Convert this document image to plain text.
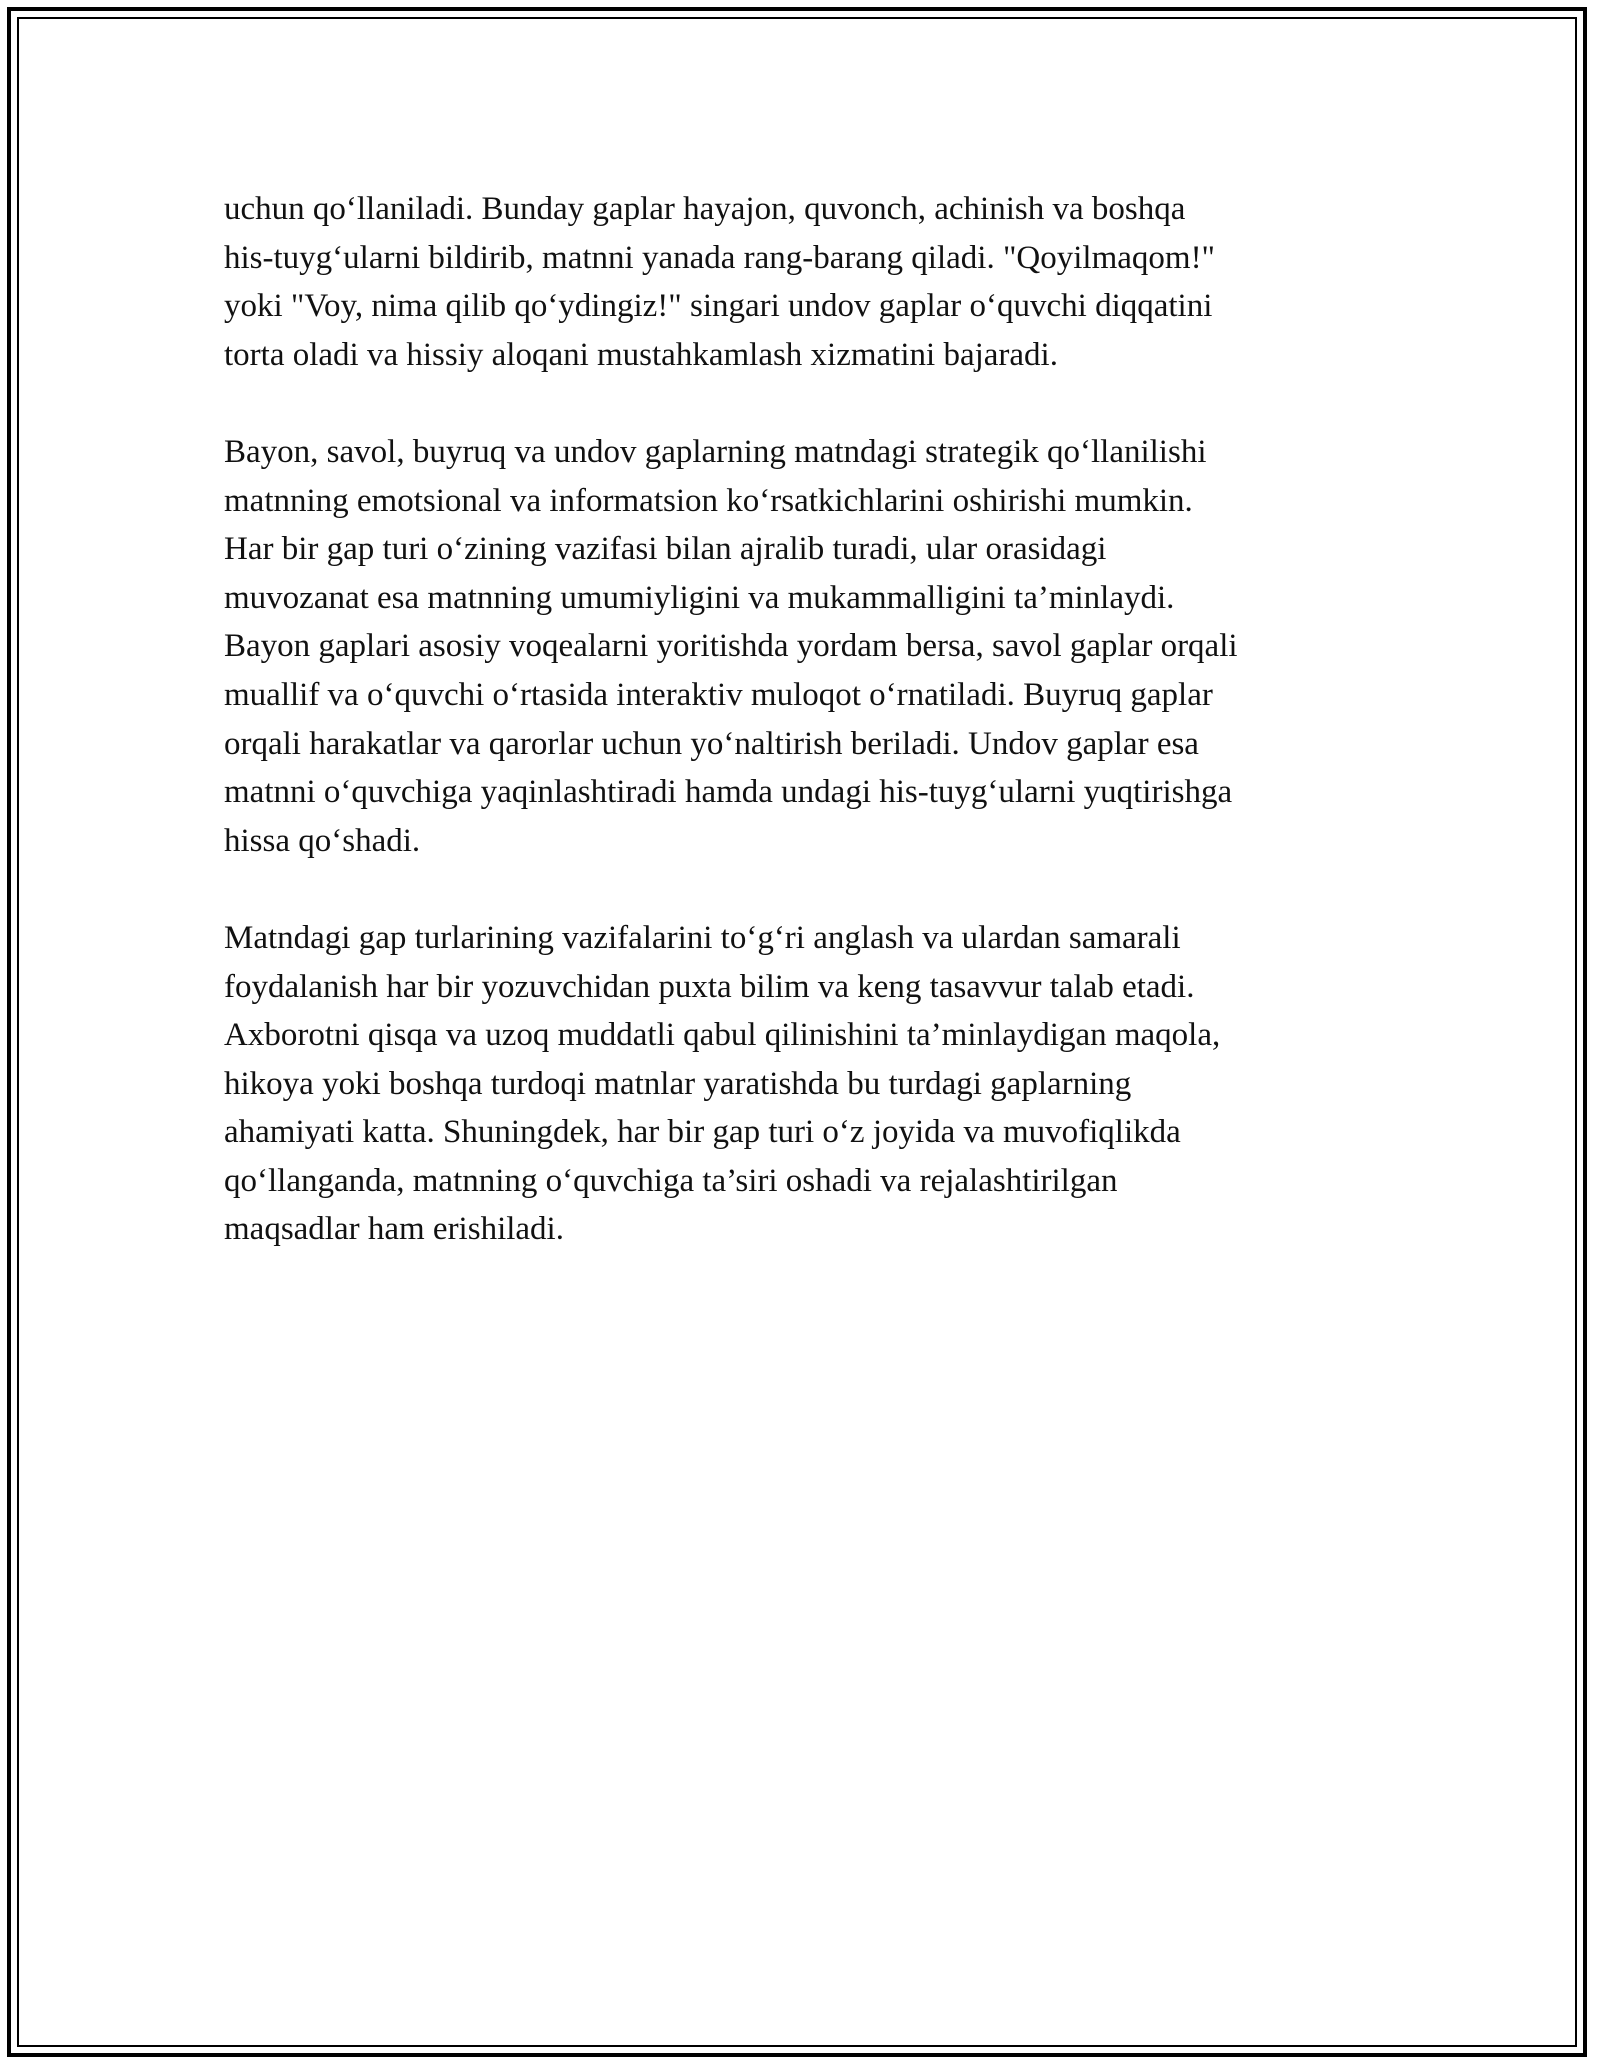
uchun qo‘llaniladi. Bunday gaplar hayajon, quvonch, achinish va boshqa
his-tuyg‘ularni bildirib, matnni yanada rang-barang qiladi. "Qoyilmaqom!"
yoki "Voy, nima qilib qo‘ydingiz!" singari undov gaplar o‘quvchi diqqatini
torta oladi va hissiy aloqani mustahkamlash xizmatini bajaradi.

Bayon, savol, buyruq va undov gaplarning matndagi strategik qo‘llanilishi
matnning emotsional va informatsion ko‘rsatkichlarini oshirishi mumkin.
Har bir gap turi o‘zining vazifasi bilan ajralib turadi, ular orasidagi
muvozanat esa matnning umumiyligini va mukammalligini ta’minlaydi.
Bayon gaplari asosiy voqealarni yoritishda yordam bersa, savol gaplar orqali
muallif va o‘quvchi o‘rtasida interaktiv muloqot o‘rnatiladi. Buyruq gaplar
orqali harakatlar va qarorlar uchun yo‘naltirish beriladi. Undov gaplar esa
matnni o‘quvchiga yaqinlashtiradi hamda undagi his-tuyg‘ularni yuqtirishga
hissa qo‘shadi.

Matndagi gap turlarining vazifalarini to‘g‘ri anglash va ulardan samarali
foydalanish har bir yozuvchidan puxta bilim va keng tasavvur talab etadi.
Axborotni qisqa va uzoq muddatli qabul qilinishini ta’minlaydigan maqola,
hikoya yoki boshqa turdoqi matnlar yaratishda bu turdagi gaplarning
ahamiyati katta. Shuningdek, har bir gap turi o‘z joyida va muvofiqlikda
qo‘llanganda, matnning o‘quvchiga ta’siri oshadi va rejalashtirilgan
maqsadlar ham erishiladi.
